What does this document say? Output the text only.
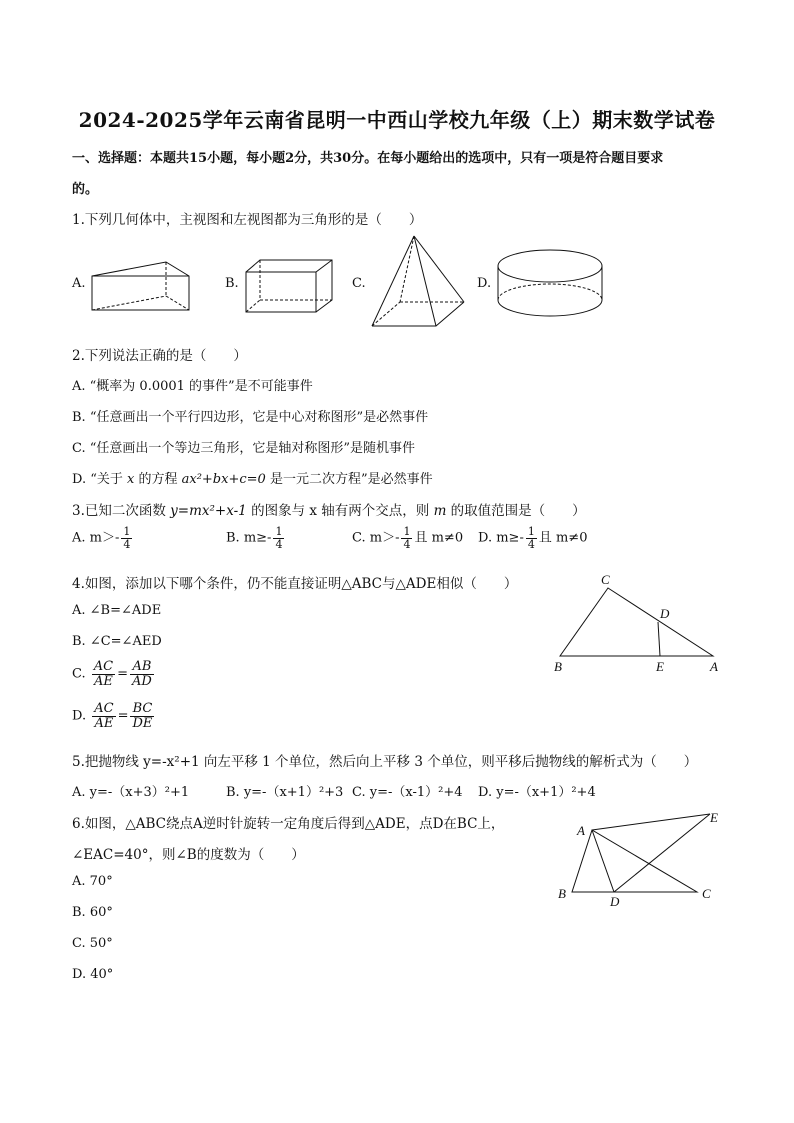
2024-2025学年云南省昆明一中西山学校九年级（上）期末数学试卷
一、选择题：本题共15小题，每小题2分，共30分。在每小题给出的选项中，只有一项是符合题目要求
的。
1.下列几何体中，主视图和左视图都为三角形的是（　　）
A.	B.	C.	D.
2.下列说法正确的是（　　）
A. “概率为 0.0001 的事件”是不可能事件
B. “任意画出一个平行四边形，它是中心对称图形”是必然事件
C. “任意画出一个等边三角形，它是轴对称图形”是随机事件
D. “关于 x 的方程 ax²+bx+c=0 是一元二次方程”是必然事件
3.已知二次函数 y=mx²+x-1 的图象与 x 轴有两个交点，则 m 的取值范围是（　　）
A. $m>- \frac{1}{4}$	B. $m\ge- \frac{1}{4}$	C. $m>- \frac{1}{4}$ 且 m≠0 D. $m\ge- \frac{1}{4}$ 且 m≠0
4.如图，添加以下哪个条件，仍不能直接证明△ABC与△ADE相似（　　）
A. ∠B=∠ADE
B. ∠C=∠AED
C. $\frac{AC}{AE} = \frac{AB}{AD}$
D. $\frac{AC}{AE} = \frac{BC}{DE}$
C
D
B	E	A
5.把抛物线 y=-x²+1 向左平移 1 个单位，然后向上平移 3 个单位，则平移后抛物线的解析式为（　　）
A. y=-（x+3）²+1	B. y=-（x+1）²+3 C. y=-（x-1）²+4 D. y=-（x+1）²+4
6.如图，△ABC绕点A逆时针旋转一定角度后得到△ADE，点D在BC上，
∠EAC=40°，则∠B的度数为（　　）
A. 70°
B. 60°
C. 50°
D. 40°
A
E
B
D
C
